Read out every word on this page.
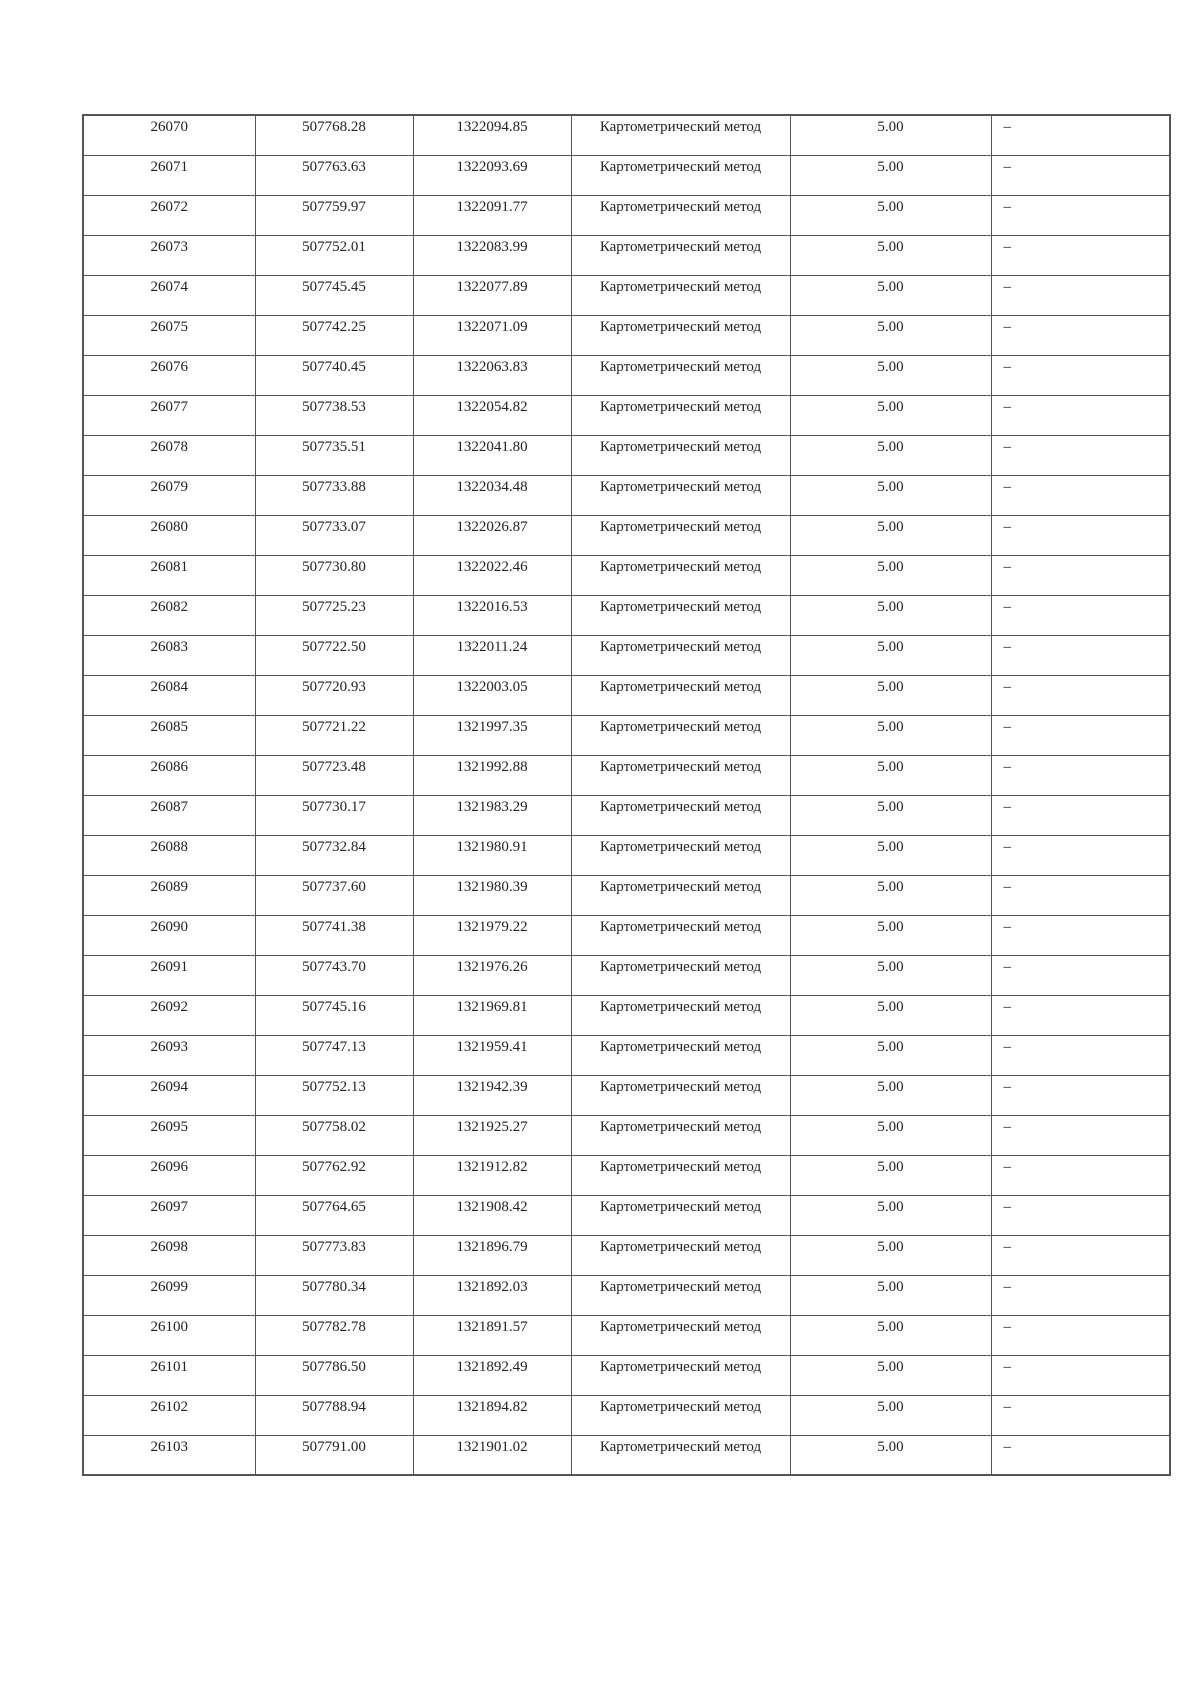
26070	507768.28	1322094.85	Картометрический метод	5.00	–
26071	507763.63	1322093.69	Картометрический метод	5.00	–
26072	507759.97	1322091.77	Картометрический метод	5.00	–
26073	507752.01	1322083.99	Картометрический метод	5.00	–
26074	507745.45	1322077.89	Картометрический метод	5.00	–
26075	507742.25	1322071.09	Картометрический метод	5.00	–
26076	507740.45	1322063.83	Картометрический метод	5.00	–
26077	507738.53	1322054.82	Картометрический метод	5.00	–
26078	507735.51	1322041.80	Картометрический метод	5.00	–
26079	507733.88	1322034.48	Картометрический метод	5.00	–
26080	507733.07	1322026.87	Картометрический метод	5.00	–
26081	507730.80	1322022.46	Картометрический метод	5.00	–
26082	507725.23	1322016.53	Картометрический метод	5.00	–
26083	507722.50	1322011.24	Картометрический метод	5.00	–
26084	507720.93	1322003.05	Картометрический метод	5.00	–
26085	507721.22	1321997.35	Картометрический метод	5.00	–
26086	507723.48	1321992.88	Картометрический метод	5.00	–
26087	507730.17	1321983.29	Картометрический метод	5.00	–
26088	507732.84	1321980.91	Картометрический метод	5.00	–
26089	507737.60	1321980.39	Картометрический метод	5.00	–
26090	507741.38	1321979.22	Картометрический метод	5.00	–
26091	507743.70	1321976.26	Картометрический метод	5.00	–
26092	507745.16	1321969.81	Картометрический метод	5.00	–
26093	507747.13	1321959.41	Картометрический метод	5.00	–
26094	507752.13	1321942.39	Картометрический метод	5.00	–
26095	507758.02	1321925.27	Картометрический метод	5.00	–
26096	507762.92	1321912.82	Картометрический метод	5.00	–
26097	507764.65	1321908.42	Картометрический метод	5.00	–
26098	507773.83	1321896.79	Картометрический метод	5.00	–
26099	507780.34	1321892.03	Картометрический метод	5.00	–
26100	507782.78	1321891.57	Картометрический метод	5.00	–
26101	507786.50	1321892.49	Картометрический метод	5.00	–
26102	507788.94	1321894.82	Картометрический метод	5.00	–
26103	507791.00	1321901.02	Картометрический метод	5.00	–
